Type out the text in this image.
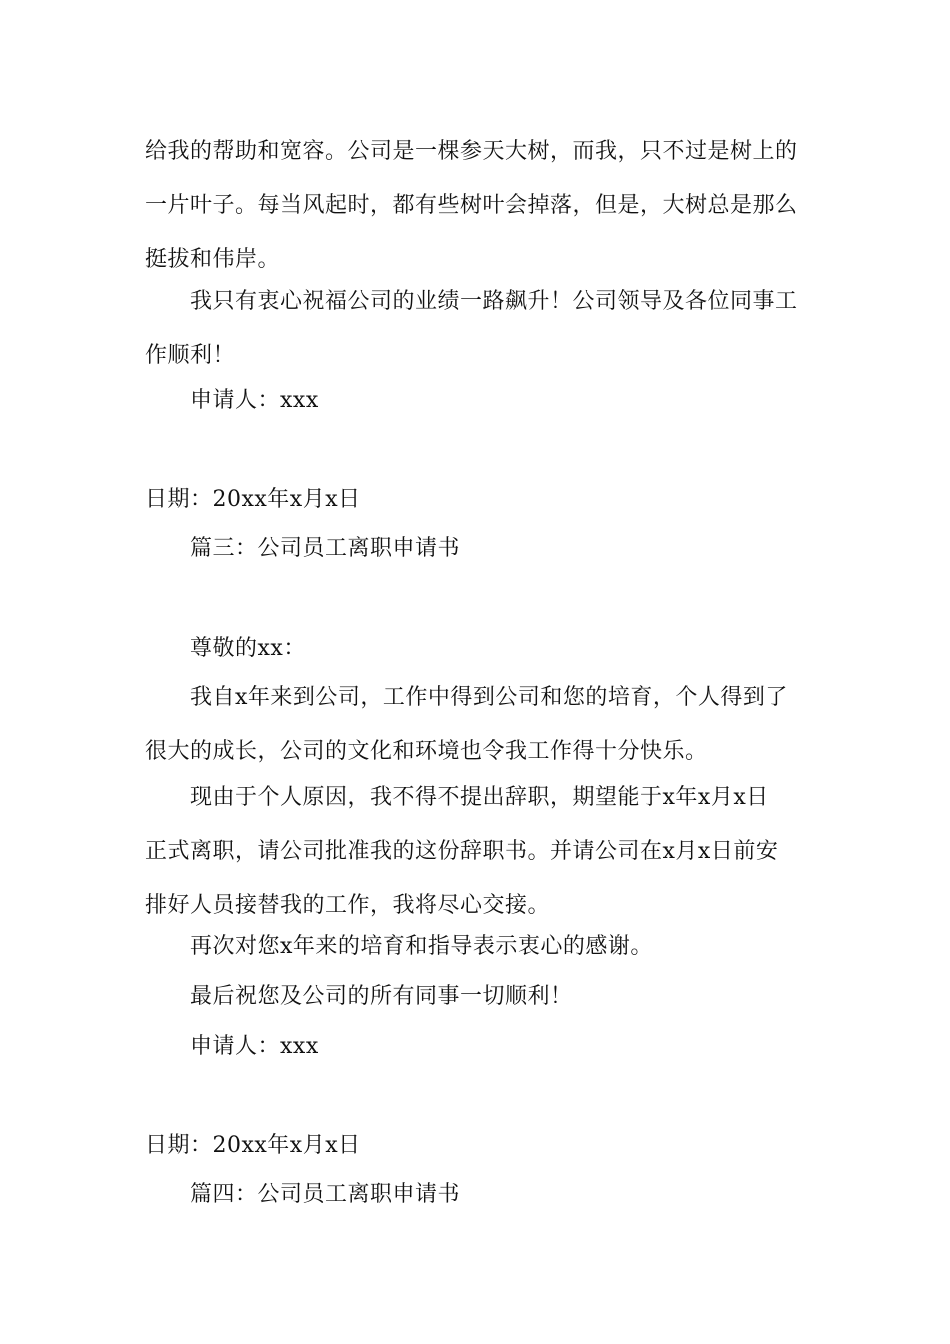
给我的帮助和宽容。公司是一棵参天大树，而我，只不过是树上的
一片叶子。每当风起时，都有些树叶会掉落，但是，大树总是那么
挺拔和伟岸。
我只有衷心祝福公司的业绩一路飙升！公司领导及各位同事工
作顺利！
申请人：xxx
日期：20xx年x月x日
篇三：公司员工离职申请书
尊敬的xx：
我自x年来到公司，工作中得到公司和您的培育，个人得到了
很大的成长，公司的文化和环境也令我工作得十分快乐。
现由于个人原因，我不得不提出辞职，期望能于x年x月x日
正式离职，请公司批准我的这份辞职书。并请公司在x月x日前安
排好人员接替我的工作，我将尽心交接。
再次对您x年来的培育和指导表示衷心的感谢。
最后祝您及公司的所有同事一切顺利！
申请人：xxx
日期：20xx年x月x日
篇四：公司员工离职申请书
